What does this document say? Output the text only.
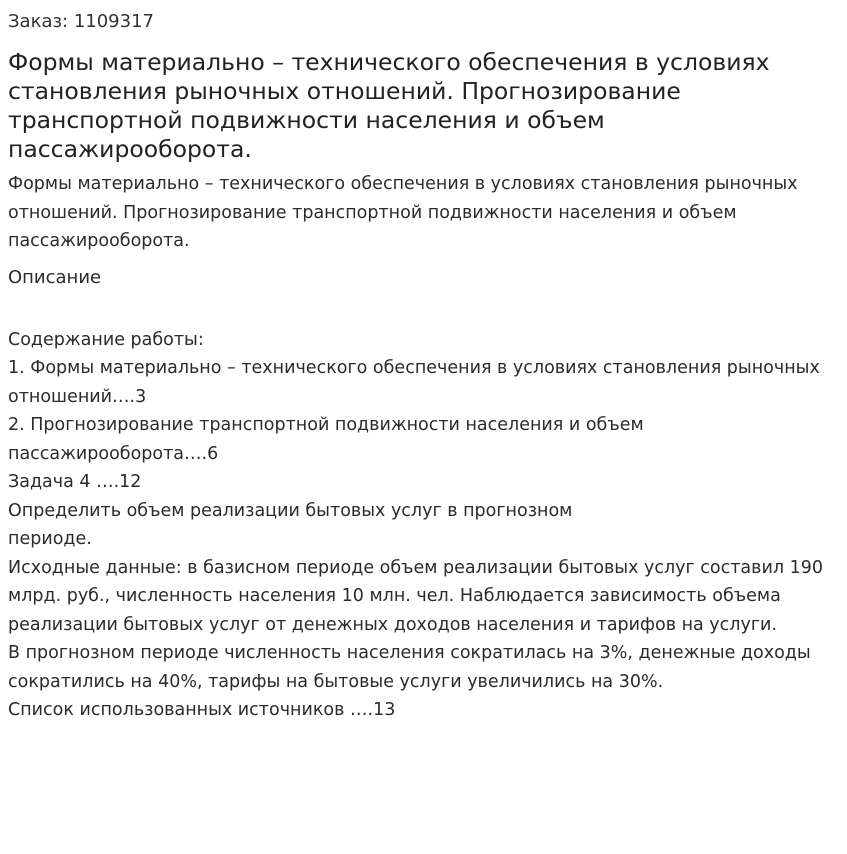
Заказ: 1109317
Формы материально – технического обеспечения в условиях становления рыночных отношений. Прогнозирование транспортной подвижности населения и объем пассажирооборота.
Формы материально – технического обеспечения в условиях становления рыночных отношений. Прогнозирование транспортной подвижности населения и объем пассажирооборота.
Описание

Содержание работы:

1. Формы материально – технического обеспечения в условиях становления рыночных отношений….3

2. Прогнозирование транспортной подвижности населения и объем пассажирооборота….6

Задача 4 ….12

Определить объем реализации бытовых услуг в прогнозном

периоде.

Исходные данные: в базисном периоде объем реализации бытовых услуг составил 190 млрд. руб., численность населения 10 млн. чел. Наблюдается зависимость объема реализации бытовых услуг от денежных доходов населения и тарифов на услуги.

В прогнозном периоде численность населения сократилась на 3%, денежные доходы сократились на 40%, тарифы на бытовые услуги увеличились на 30%.

Список использованных источников ….13
